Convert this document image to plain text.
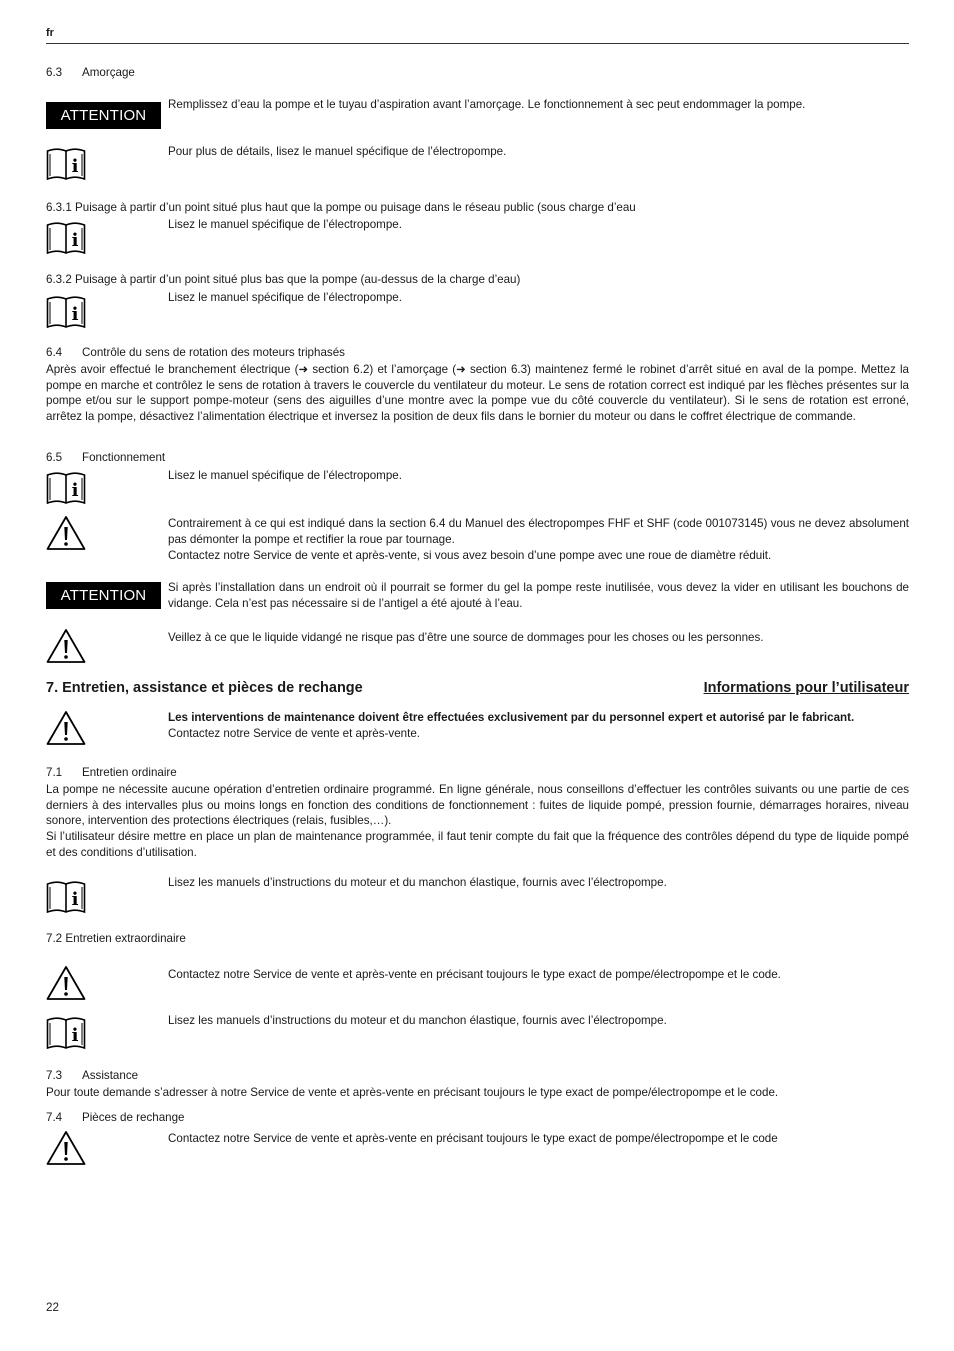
fr
6.3 Amorçage
ATTENTION
Remplissez d’eau la pompe et le tuyau d’aspiration avant l’amorçage. Le fonctionnement à sec peut endommager la pompe.
Pour plus de détails, lisez le manuel spécifique de l’électropompe.
6.3.1 Puisage à partir d’un point situé plus haut que la pompe ou puisage dans le réseau public (sous charge d’eau
Lisez le manuel spécifique de l’électropompe.
6.3.2 Puisage à partir d’un point situé plus bas que la pompe (au-dessus de la charge d’eau)
Lisez le manuel spécifique de l’électropompe.
6.4 Contrôle du sens de rotation des moteurs triphasés
Après avoir effectué le branchement électrique (➜ section 6.2) et l’amorçage (➜ section 6.3) maintenez fermé le robinet d’arrêt situé en aval de la pompe. Mettez la pompe en marche et contrôlez le sens de rotation à travers le couvercle du ventilateur du moteur. Le sens de rotation correct est indiqué par les flèches présentes sur la pompe et/ou sur le support pompe-moteur (sens des aiguilles d’une montre avec la pompe vue du côté couvercle du ventilateur). Si le sens de rotation est erroné, arrêtez la pompe, désactivez l’alimentation électrique et inversez la position de deux fils dans le bornier du moteur ou dans le coffret électrique de commande.
6.5 Fonctionnement
Lisez le manuel spécifique de l’électropompe.
Contrairement à ce qui est indiqué dans la section 6.4 du Manuel des électropompes FHF et SHF (code 001073145) vous ne devez absolument pas démonter la pompe et rectifier la roue par tournage.
Contactez notre Service de vente et après-vente, si vous avez besoin d’une pompe avec une roue de diamètre réduit.
ATTENTION	Si après l’installation dans un endroit où il pourrait se former du gel la pompe reste inutilisée, vous devez la vider en utilisant les bouchons de vidange. Cela n’est pas nécessaire si de l’antigel a été ajouté à l’eau.
Veillez à ce que le liquide vidangé ne risque pas d’être une source de dommages pour les choses ou les personnes.
7. Entretien, assistance et pièces de rechange	Informations pour l’utilisateur
Les interventions de maintenance doivent être effectuées exclusivement par du personnel expert et autorisé par le fabricant.
Contactez notre Service de vente et après-vente.
7.1 Entretien ordinaire
La pompe ne nécessite aucune opération d’entretien ordinaire programmé. En ligne générale, nous conseillons d’effectuer les contrôles suivants ou une partie de ces derniers à des intervalles plus ou moins longs en fonction des conditions de fonctionnement : fuites de liquide pompé, pression fournie, démarrages horaires, niveau sonore, intervention des protections électriques (relais, fusibles,…).
Si l’utilisateur désire mettre en place un plan de maintenance programmée, il faut tenir compte du fait que la fréquence des contrôles dépend du type de liquide pompé et des conditions d’utilisation.
Lisez les manuels d’instructions du moteur et du manchon élastique, fournis avec l’électropompe.
7.2 Entretien extraordinaire
Contactez notre Service de vente et après-vente en précisant toujours le type exact de pompe/électropompe et le code.
Lisez les manuels d’instructions du moteur et du manchon élastique, fournis avec l’électropompe.
7.3 Assistance
Pour toute demande s’adresser à notre Service de vente et après-vente en précisant toujours le type exact de pompe/électropompe et le code.
7.4 Pièces de rechange
Contactez notre Service de vente et après-vente en précisant toujours le type exact de pompe/électropompe et le code
22
